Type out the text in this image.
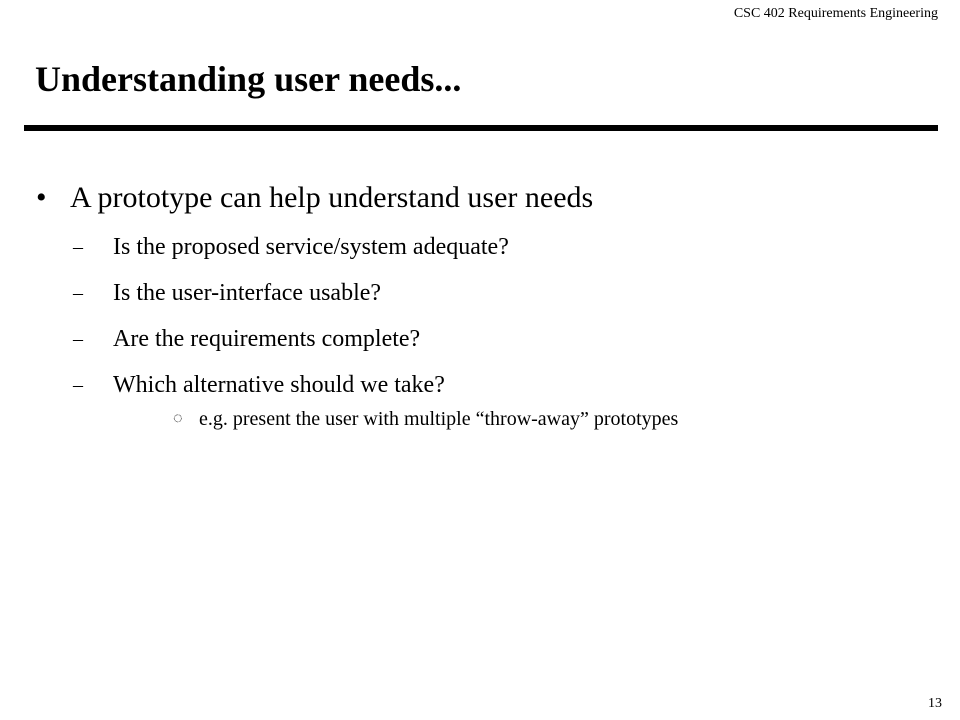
CSC 402 Requirements Engineering
Understanding user needs...
• A prototype can help understand user needs
– Is the proposed service/system adequate?
– Is the user-interface usable?
– Are the requirements complete?
– Which alternative should we take?
◌ e.g. present the user with multiple “throw-away” prototypes
13
